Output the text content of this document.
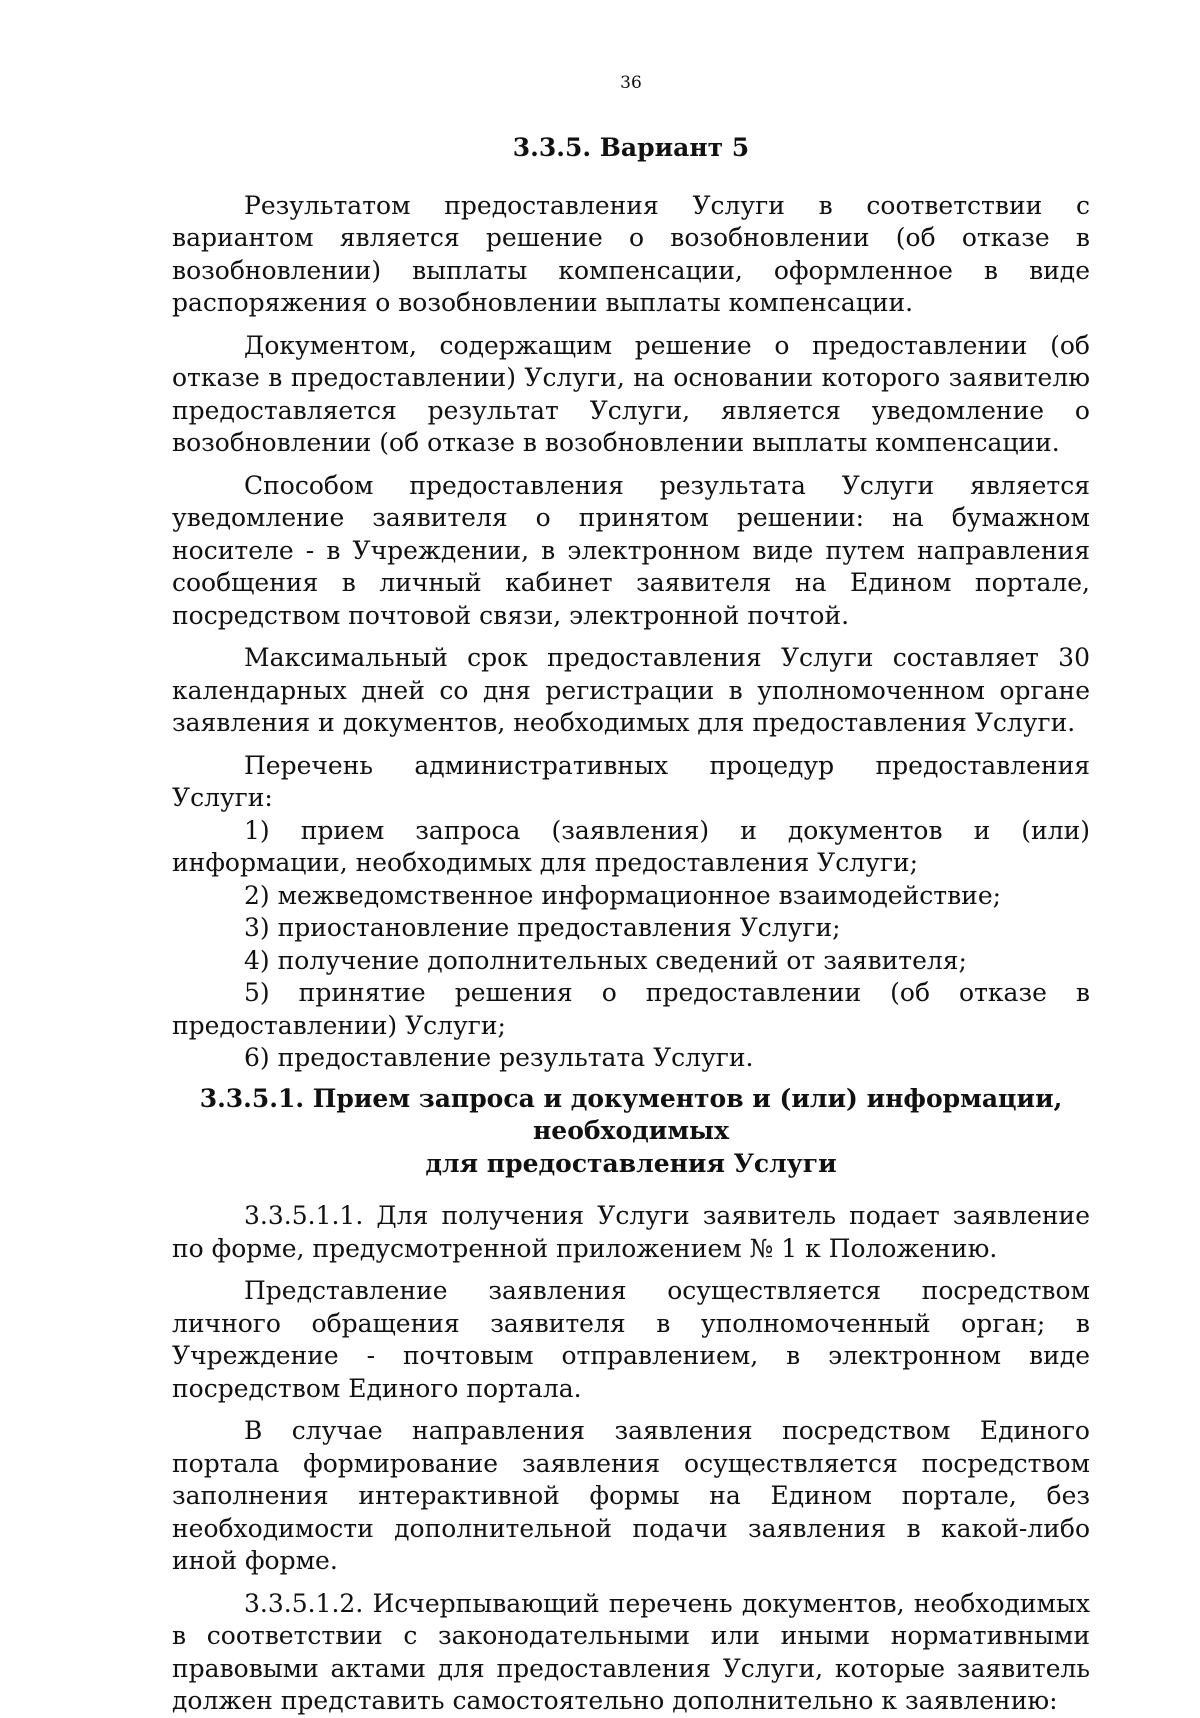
36
3.3.5. Вариант 5

Результатом предоставления Услуги в соответствии с вариантом является решение о возобновлении (об отказе в возобновлении) выплаты компенсации, оформленное в виде распоряжения о возобновлении выплаты компенсации.

Документом, содержащим решение о предоставлении (об отказе в предоставлении) Услуги, на основании которого заявителю предоставляется результат Услуги, является уведомление о возобновлении (об отказе в возобновлении выплаты компенсации.

Способом предоставления результата Услуги является уведомление заявителя о принятом решении: на бумажном носителе - в Учреждении, в электронном виде путем направления сообщения в личный кабинет заявителя на Едином портале, посредством почтовой связи, электронной почтой.

Максимальный срок предоставления Услуги составляет 30 календарных дней со дня регистрации в уполномоченном органе заявления и документов, необходимых для предоставления Услуги.

Перечень административных процедур предоставления Услуги:

1) прием запроса (заявления) и документов и (или) информации, необходимых для предоставления Услуги;
2) межведомственное информационное взаимодействие;
3) приостановление предоставления Услуги;
4) получение дополнительных сведений от заявителя;
5) принятие решения о предоставлении (об отказе в предоставлении) Услуги;
6) предоставление результата Услуги.
3.3.5.1. Прием запроса и документов и (или) информации, необходимых
для предоставления Услуги

3.3.5.1.1. Для получения Услуги заявитель подает заявление по форме, предусмотренной приложением № 1 к Положению.

Представление заявления осуществляется посредством личного обращения заявителя в уполномоченный орган; в Учреждение - почтовым отправлением, в электронном виде посредством Единого портала.

В случае направления заявления посредством Единого портала формирование заявления осуществляется посредством заполнения интерактивной формы на Едином портале, без необходимости дополнительной подачи заявления в какой-либо иной форме.

3.3.5.1.2. Исчерпывающий перечень документов, необходимых в соответствии с законодательными или иными нормативными правовыми актами для предоставления Услуги, которые заявитель должен представить самостоятельно дополнительно к заявлению:
